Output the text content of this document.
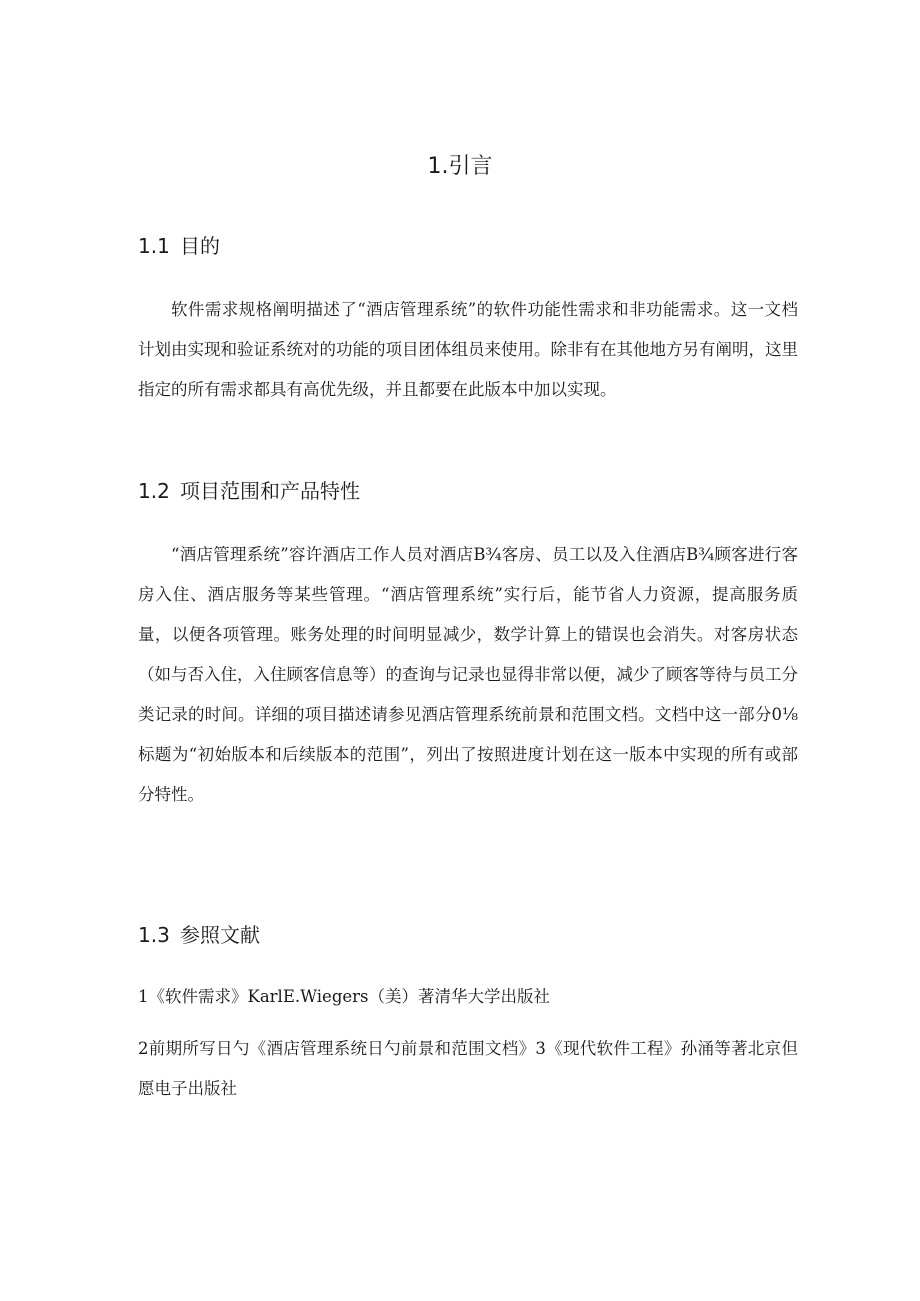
1.引言
1.1 目的

软件需求规格阐明描述了“酒店管理系统”的软件功能性需求和非功能需求。这一文档计划由实现和验证系统对的功能的项目团体组员来使用。除非有在其他地方另有阐明，这里指定的所有需求都具有高优先级，并且都要在此版本中加以实现。

1.2 项目范围和产品特性

“酒店管理系统”容许酒店工作人员对酒店B¾客房、员工以及入住酒店B¾顾客进行客房入住、酒店服务等某些管理。“酒店管理系统”实行后，能节省人力资源，提高服务质量，以便各项管理。账务处理的时间明显减少，数学计算上的错误也会消失。对客房状态（如与否入住，入住顾客信息等）的查询与记录也显得非常以便，减少了顾客等待与员工分类记录的时间。详细的项目描述请参见酒店管理系统前景和范围文档。文档中这一部分0⅛标题为“初始版本和后续版本的范围”，列出了按照进度计划在这一版本中实现的所有或部分特性。

1.3 参照文献

1《软件需求》KarlE.Wiegers（美）著清华大学出版社

2前期所写日勺《酒店管理系统日勺前景和范围文档》3《现代软件工程》孙涌等著北京但愿电子出版社
